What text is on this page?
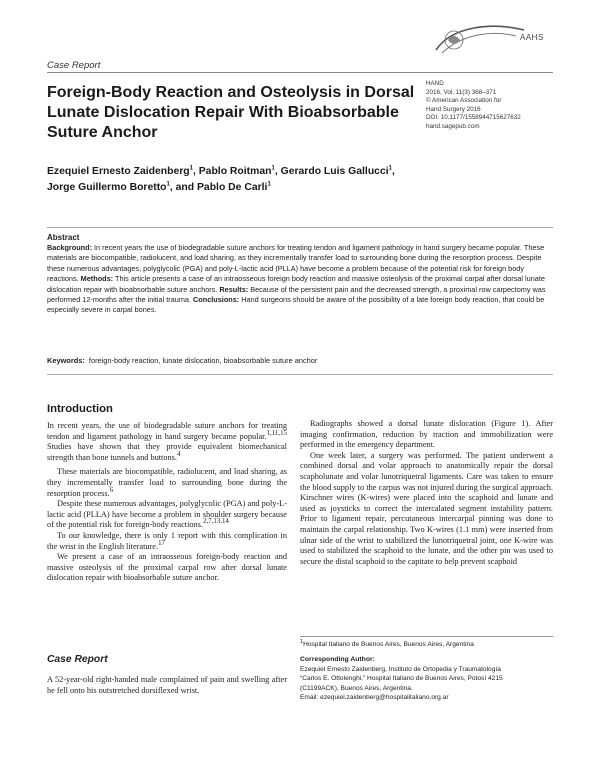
AAHS
Case Report
HAND
2016, Vol. 11(3) 368–371
© American Association for
Hand Surgery 2016
DOI: 10.1177/1558944715627632
hand.sagepub.com
Foreign-Body Reaction and Osteolysis in Dorsal Lunate Dislocation Repair With Bioabsorbable Suture Anchor
Ezequiel Ernesto Zaidenberg$^1$, Pablo Roitman$^1$, Gerardo Luis Gallucci$^1$,
Jorge Guillermo Boretto$^1$, and Pablo De Carli$^1$
Abstract
Background: In recent years the use of biodegradable suture anchors for treating tendon and ligament pathology in hand surgery became popular. These materials are biocompatible, radiolucent, and load sharing, as they incrementally transfer load to surrounding bone during the resorption process. Despite these numerous advantages, polyglycolic (PGA) and poly-L-lactic acid (PLLA) have become a problem because of the potential risk for foreign body reactions. Methods: This article presents a case of an intraosseous foreign body reaction and massive osteolysis of the proximal carpal after dorsal lunate dislocation repair with bioabsorbable suture anchors. Results: Because of the persistent pain and the decreased strength, a proximal row carpectomy was performed 12-months after the initial trauma. Conclusions: Hand surgeons should be aware of the possibility of a late foreign body reaction, that could be especially severe in carpal bones.
Keywords: foreign-body reaction, lunate dislocation, bioabsorbable suture anchor
Introduction

In recent years, the use of biodegradable suture anchors for treating tendon and ligament pathology in hand surgery became popular.$^{1,11,15}$ Studies have shown that they provide equivalent biomechanical strength than bone tunnels and buttons.$^4$

These materials are biocompatible, radiolucent, and load sharing, as they incrementally transfer load to surrounding bone during the resorption process.$^6$

Despite these numerous advantages, polyglycolic (PGA) and poly-L-lactic acid (PLLA) have become a problem in shoulder surgery because of the potential risk for foreign-body reactions.$^{2,7,13,14}$

To our knowledge, there is only 1 report with this complication in the wrist in the English literature.$^{17}$

We present a case of an intraosseous foreign-body reaction and massive osteolysis of the proximal carpal row after dorsal lunate dislocation repair with bioabsorbable suture anchor.

Case Report

A 52-year-old right-handed male complained of pain and swelling after he fell onto his outstretched dorsiflexed wrist.

Radiographs showed a dorsal lunate dislocation (Figure 1). After imaging confirmation, reduction by traction and immobilization were performed in the emergency department.

One week later, a surgery was performed. The patient underwent a combined dorsal and volar approach to anatomically repair the dorsal scapholunate and volar lunotriquetral ligaments. Care was taken to ensure the blood supply to the carpus was not injured during the surgical approach. Kirschner wires (K-wires) were placed into the scaphoid and lunate and used as joysticks to correct the intercalated segment instability pattern. Prior to ligament repair, percutaneous intercarpal pinning was done to maintain the carpal relationship. Two K-wires (1.1 mm) were inserted from ulnar side of the wrist to stabilized the lunotriquetral joint, one K-wire was used to stabilized the scaphoid to the lunate, and the other pin was used to secure the distal scaphoid to the capitate to help prevent scaphoid

$^1$Hospital Italiano de Buenos Aires, Buenos Aires, Argentina
Corresponding Author:
Ezequiel Ernesto Zaidenberg, Instituto de Ortopedia y Traumatología
“Carlos E. Ottolenghi,” Hospital Italiano de Buenos Aires, Potosí 4215
(C1199ACK), Buenos Aires, Argentina.
Email: ezequiel.zaidenberg@hospitalitaliano.org.ar
